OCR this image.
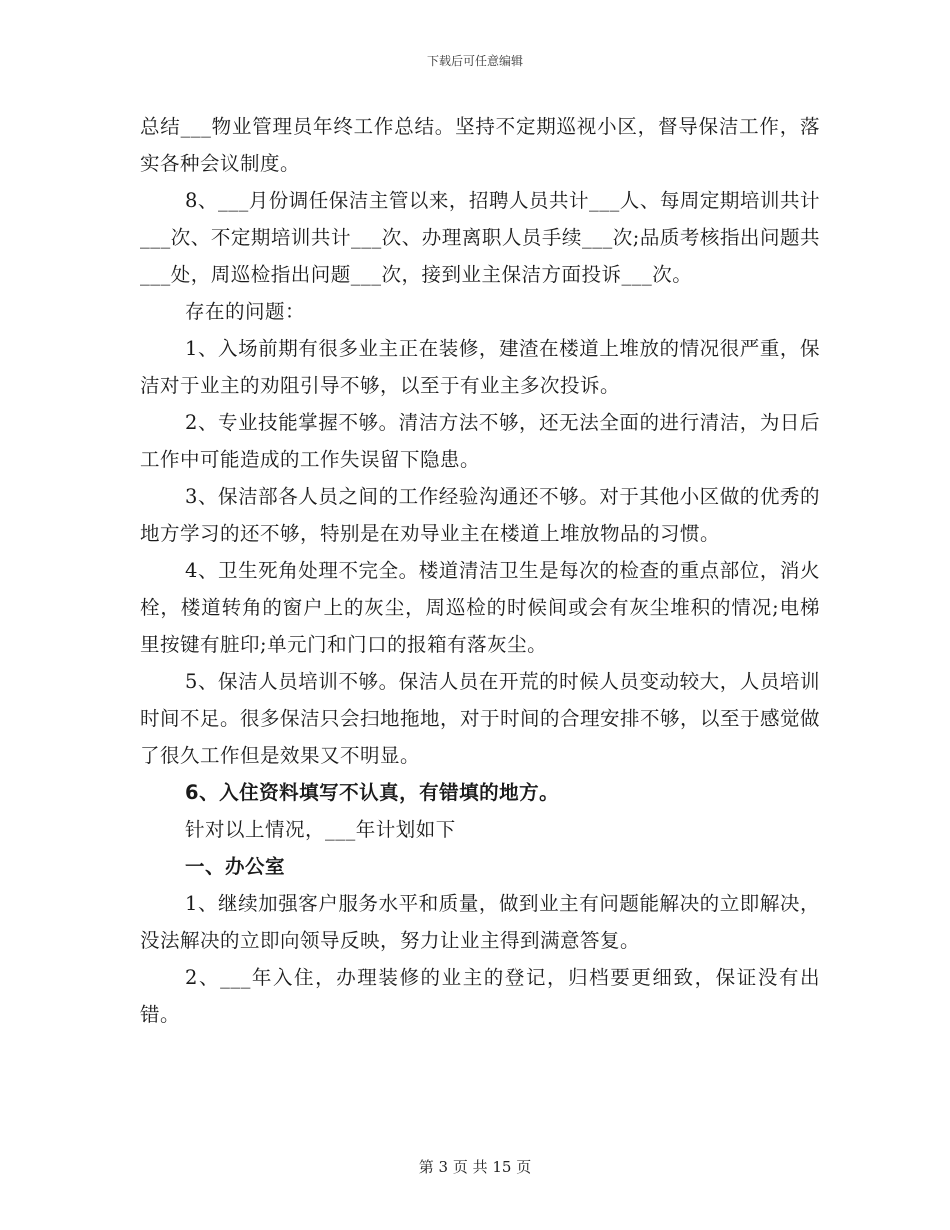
下载后可任意编辑

总结___物业管理员年终工作总结。坚持不定期巡视小区，督导保洁工作，落实各种会议制度。

8、___月份调任保洁主管以来，招聘人员共计___人、每周定期培训共计___次、不定期培训共计___次、办理离职人员手续___次;品质考核指出问题共___处，周巡检指出问题___次，接到业主保洁方面投诉___次。

存在的问题：

1、入场前期有很多业主正在装修，建渣在楼道上堆放的情况很严重，保洁对于业主的劝阻引导不够，以至于有业主多次投诉。

2、专业技能掌握不够。清洁方法不够，还无法全面的进行清洁，为日后工作中可能造成的工作失误留下隐患。

3、保洁部各人员之间的工作经验沟通还不够。对于其他小区做的优秀的地方学习的还不够，特别是在劝导业主在楼道上堆放物品的习惯。

4、卫生死角处理不完全。楼道清洁卫生是每次的检查的重点部位，消火栓，楼道转角的窗户上的灰尘，周巡检的时候间或会有灰尘堆积的情况;电梯里按键有脏印;单元门和门口的报箱有落灰尘。

5、保洁人员培训不够。保洁人员在开荒的时候人员变动较大，人员培训时间不足。很多保洁只会扫地拖地，对于时间的合理安排不够，以至于感觉做了很久工作但是效果又不明显。

6、入住资料填写不认真，有错填的地方。

针对以上情况，___年计划如下

一、办公室

1、继续加强客户服务水平和质量，做到业主有问题能解决的立即解决，没法解决的立即向领导反映，努力让业主得到满意答复。

2、___年入住，办理装修的业主的登记，归档要更细致，保证没有出错。

第 3 页 共 15 页
